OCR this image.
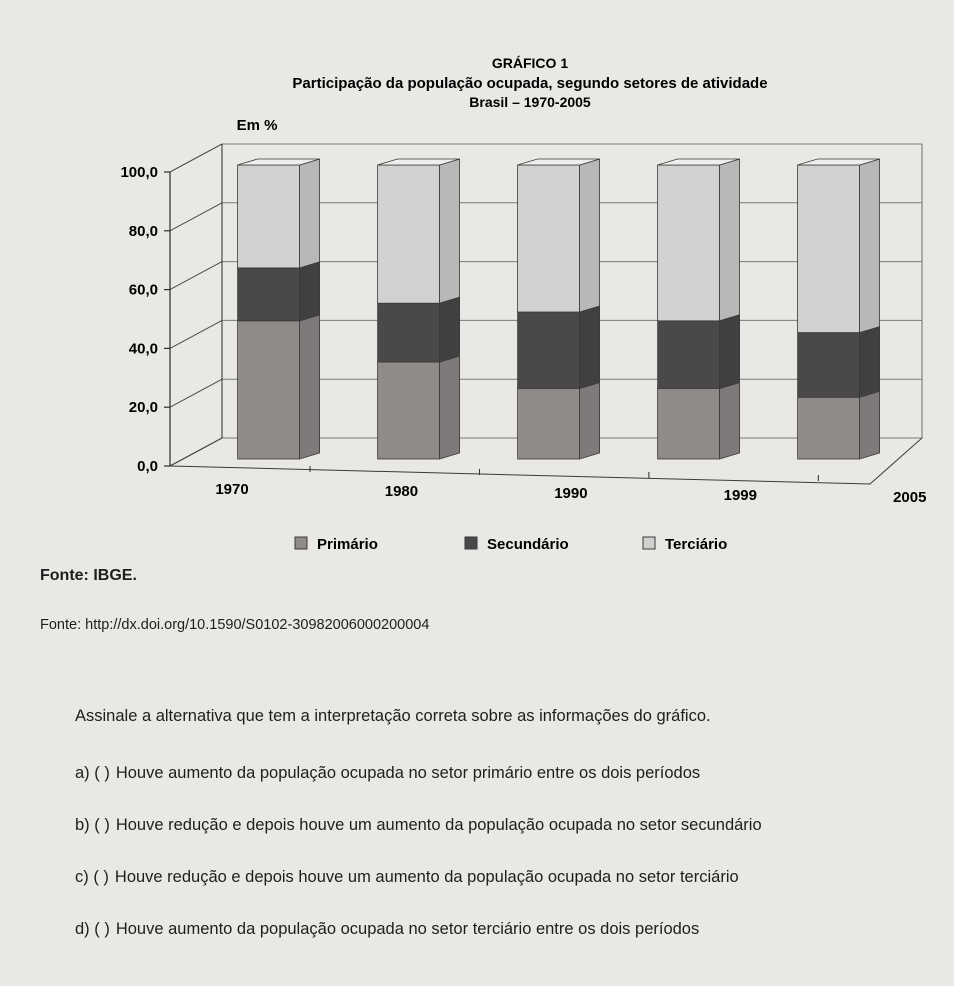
GRÁFICO 1
Participação da população ocupada, segundo setores de atividade
Brasil – 1970-2005
Em %
100,0
80,0
60,0
40,0
20,0
0,0
1970	1980	1990	1999	2005
Primário	Secundário	Terciário

Fonte: IBGE.

Fonte: http://dx.doi.org/10.1590/S0102-30982006000200004

Assinale a alternativa que tem a interpretação correta sobre as informações do gráfico.

a) ( ) Houve aumento da população ocupada no setor primário entre os dois períodos
b) ( ) Houve redução e depois houve um aumento da população ocupada no setor secundário
c) ( ) Houve redução e depois houve um aumento da população ocupada no setor terciário
d) ( ) Houve aumento da população ocupada no setor terciário entre os dois períodos
